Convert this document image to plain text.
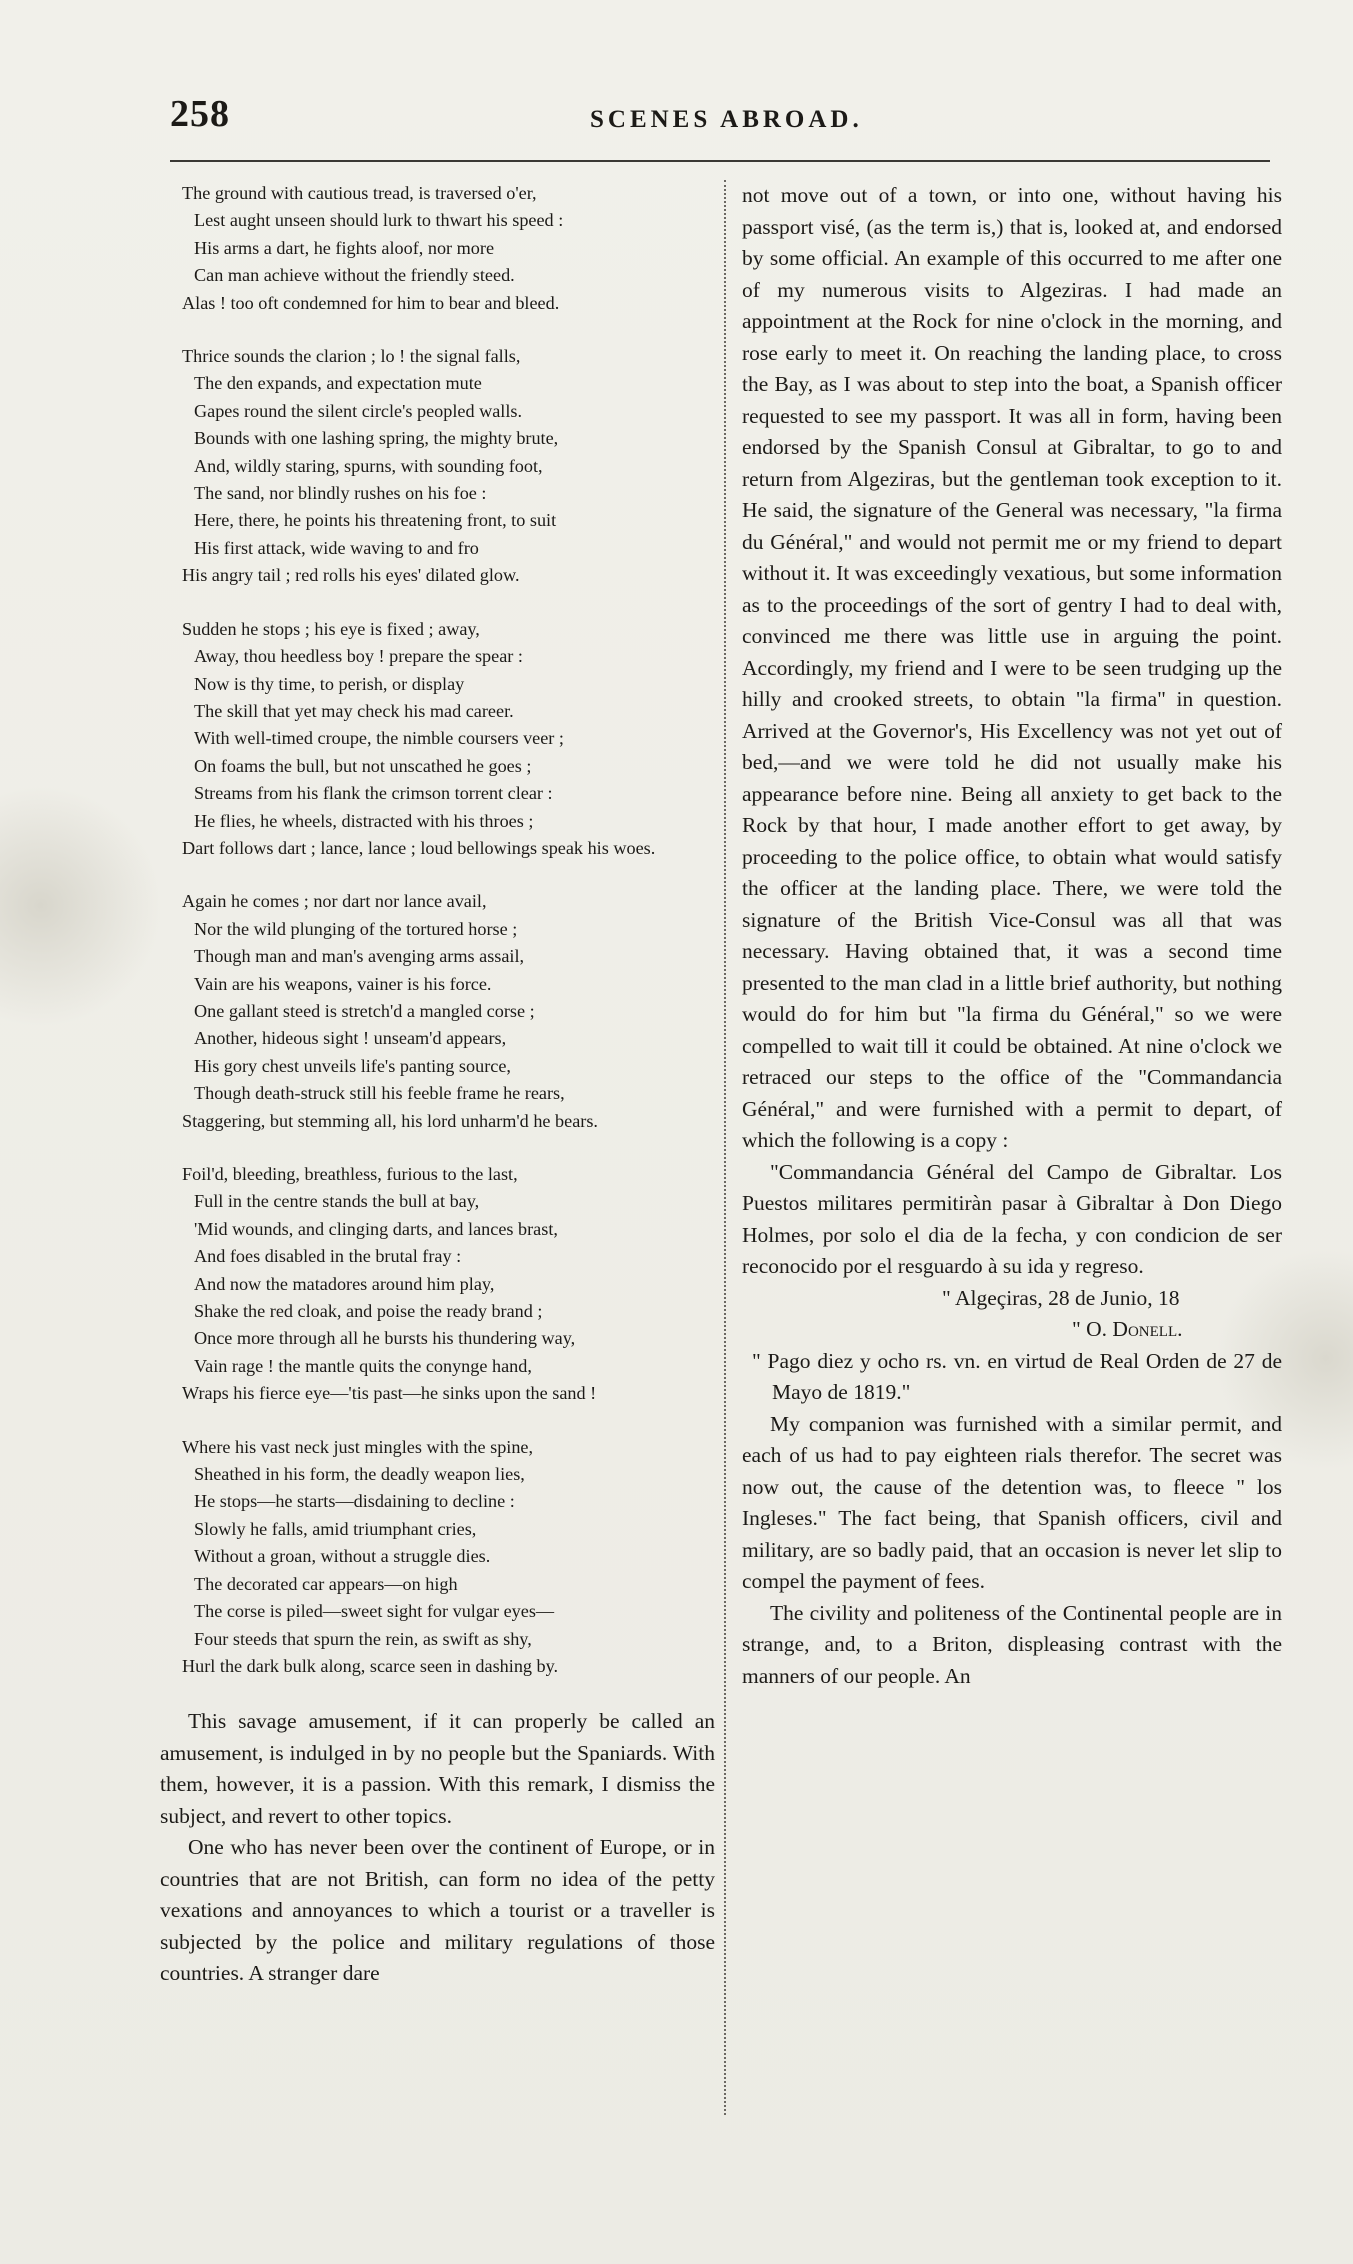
258	SCENES ABROAD.
The ground with cautious tread, is traversed o'er,
Lest aught unseen should lurk to thwart his speed :
His arms a dart, he fights aloof, nor more
Can man achieve without the friendly steed.
Alas ! too oft condemned for him to bear and bleed.
Thrice sounds the clarion ; lo ! the signal falls,
The den expands, and expectation mute
Gapes round the silent circle's peopled walls.
Bounds with one lashing spring, the mighty brute,
And, wildly staring, spurns, with sounding foot,
The sand, nor blindly rushes on his foe :
Here, there, he points his threatening front, to suit
His first attack, wide waving to and fro
His angry tail ; red rolls his eyes' dilated glow.
Sudden he stops ; his eye is fixed ; away,
Away, thou heedless boy ! prepare the spear :
Now is thy time, to perish, or display
The skill that yet may check his mad career.
With well-timed croupe, the nimble coursers veer ;
On foams the bull, but not unscathed he goes ;
Streams from his flank the crimson torrent clear :
He flies, he wheels, distracted with his throes ;
Dart follows dart ; lance, lance ; loud bellowings speak his woes.
Again he comes ; nor dart nor lance avail,
Nor the wild plunging of the tortured horse ;
Though man and man's avenging arms assail,
Vain are his weapons, vainer is his force.
One gallant steed is stretch'd a mangled corse ;
Another, hideous sight ! unseam'd appears,
His gory chest unveils life's panting source,
Though death-struck still his feeble frame he rears,
Staggering, but stemming all, his lord unharm'd he bears.
Foil'd, bleeding, breathless, furious to the last,
Full in the centre stands the bull at bay,
'Mid wounds, and clinging darts, and lances brast,
And foes disabled in the brutal fray :
And now the matadores around him play,
Shake the red cloak, and poise the ready brand ;
Once more through all he bursts his thundering way,
Vain rage ! the mantle quits the conynge hand,
Wraps his fierce eye—'tis past—he sinks upon the sand !
Where his vast neck just mingles with the spine,
Sheathed in his form, the deadly weapon lies,
He stops—he starts—disdaining to decline :
Slowly he falls, amid triumphant cries,
Without a groan, without a struggle dies.
The decorated car appears—on high
The corse is piled—sweet sight for vulgar eyes—
Four steeds that spurn the rein, as swift as shy,
Hurl the dark bulk along, scarce seen in dashing by.

This savage amusement, if it can properly be called an amusement, is indulged in by no people but the Spaniards. With them, however, it is a passion. With this remark, I dismiss the subject, and revert to other topics.

One who has never been over the continent of Europe, or in countries that are not British, can form no idea of the petty vexations and annoyances to which a tourist or a traveller is subjected by the police and military regulations of those countries. A stranger dare

not move out of a town, or into one, without having his passport visé, (as the term is,) that is, looked at, and endorsed by some official. An example of this occurred to me after one of my numerous visits to Algeziras. I had made an appointment at the Rock for nine o'clock in the morning, and rose early to meet it. On reaching the landing place, to cross the Bay, as I was about to step into the boat, a Spanish officer requested to see my passport. It was all in form, having been endorsed by the Spanish Consul at Gibraltar, to go to and return from Algeziras, but the gentleman took exception to it. He said, the signature of the General was necessary, "la firma du Général," and would not permit me or my friend to depart without it. It was exceedingly vexatious, but some information as to the proceedings of the sort of gentry I had to deal with, convinced me there was little use in arguing the point. Accordingly, my friend and I were to be seen trudging up the hilly and crooked streets, to obtain "la firma" in question. Arrived at the Governor's, His Excellency was not yet out of bed,—and we were told he did not usually make his appearance before nine. Being all anxiety to get back to the Rock by that hour, I made another effort to get away, by proceeding to the police office, to obtain what would satisfy the officer at the landing place. There, we were told the signature of the British Vice-Consul was all that was necessary. Having obtained that, it was a second time presented to the man clad in a little brief authority, but nothing would do for him but "la firma du Général," so we were compelled to wait till it could be obtained. At nine o'clock we retraced our steps to the office of the "Commandancia Général," and were furnished with a permit to depart, of which the following is a copy :

"Commandancia Général del Campo de Gibraltar. Los Puestos militares permitiràn pasar à Gibraltar à Don Diego Holmes, por solo el dia de la fecha, y con condicion de ser reconocido por el resguardo à su ida y regreso.

" Algeçiras, 28 de Junio, 18

" O. Donell.

" Pago diez y ocho rs. vn. en virtud de Real Orden de 27 de Mayo de 1819."

My companion was furnished with a similar permit, and each of us had to pay eighteen rials therefor. The secret was now out, the cause of the detention was, to fleece " los Ingleses." The fact being, that Spanish officers, civil and military, are so badly paid, that an occasion is never let slip to compel the payment of fees.

The civility and politeness of the Continental people are in strange, and, to a Briton, displeasing contrast with the manners of our people. An
